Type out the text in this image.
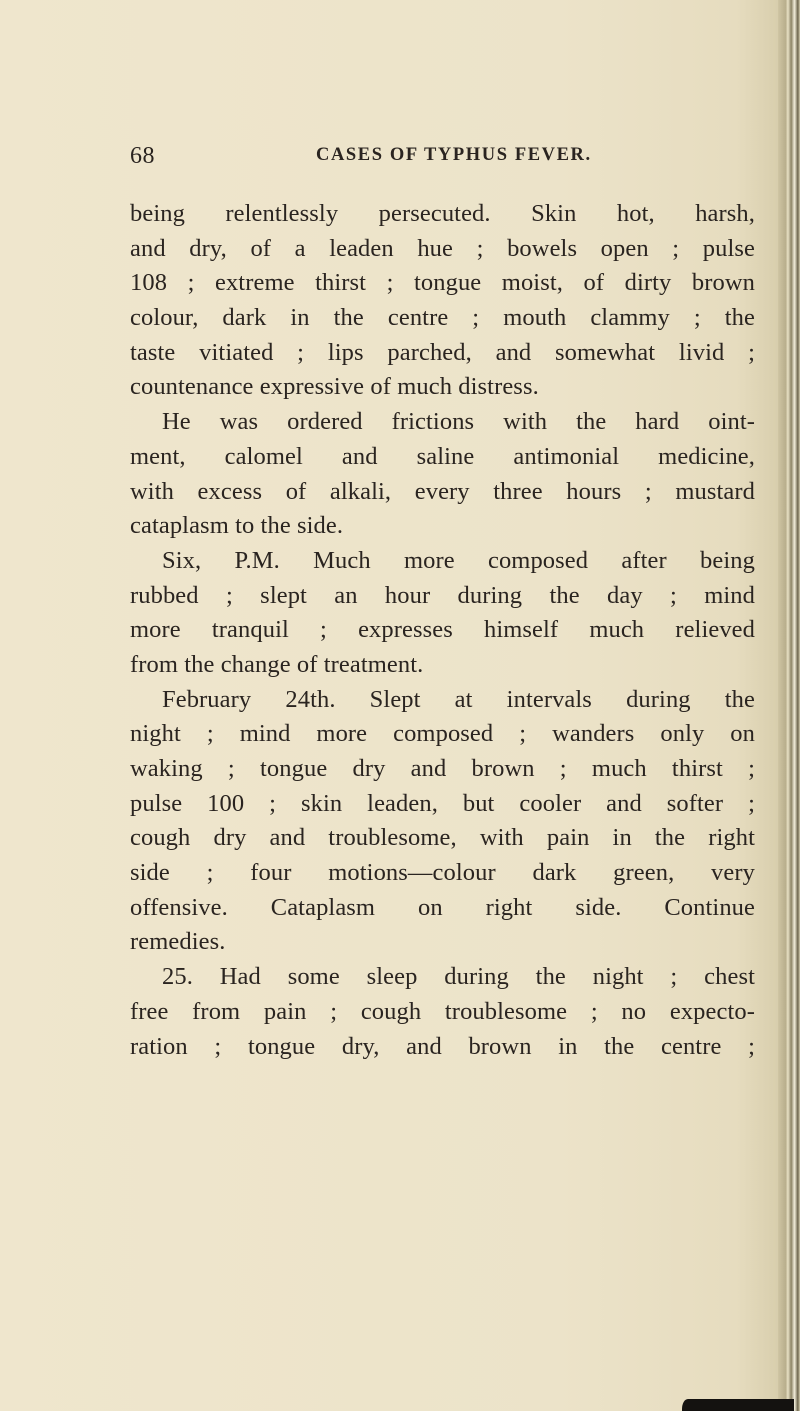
68	CASES OF TYPHUS FEVER.
being relentlessly persecuted. Skin hot, harsh,
and dry, of a leaden hue ; bowels open ; pulse
108 ; extreme thirst ; tongue moist, of dirty brown
colour, dark in the centre ; mouth clammy ; the
taste vitiated ; lips parched, and somewhat livid ;
countenance expressive of much distress.
He was ordered frictions with the hard oint-
ment, calomel and saline antimonial medicine,
with excess of alkali, every three hours ; mustard
cataplasm to the side.
Six, P.M. Much more composed after being
rubbed ; slept an hour during the day ; mind
more tranquil ; expresses himself much relieved
from the change of treatment.
February 24th. Slept at intervals during the
night ; mind more composed ; wanders only on
waking ; tongue dry and brown ; much thirst ;
pulse 100 ; skin leaden, but cooler and softer ;
cough dry and troublesome, with pain in the right
side ; four motions—colour dark green, very
offensive. Cataplasm on right side. Continue
remedies.
25. Had some sleep during the night ; chest
free from pain ; cough troublesome ; no expecto-
ration ; tongue dry, and brown in the centre ;
